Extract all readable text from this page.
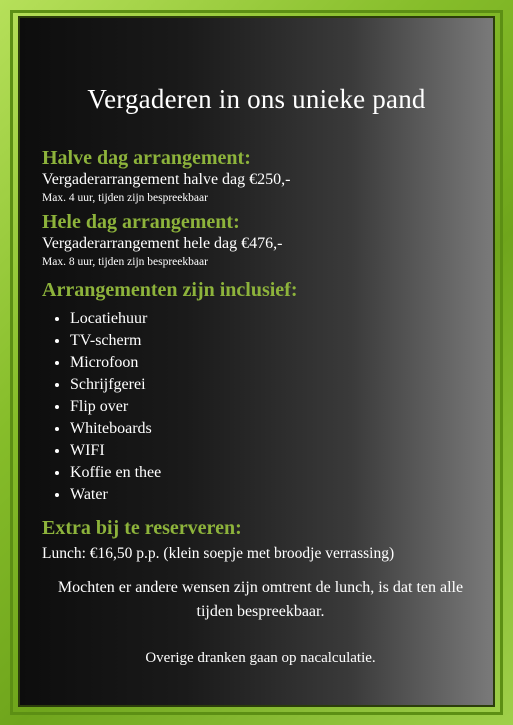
Vergaderen in ons unieke pand
Halve dag arrangement:
Vergaderarrangement halve dag €250,-
Max. 4 uur, tijden zijn bespreekbaar
Hele dag arrangement:
Vergaderarrangement hele dag €476,-
Max. 8 uur, tijden zijn bespreekbaar
Arrangementen zijn inclusief:
• Locatiehuur
• TV-scherm
• Microfoon
• Schrijfgerei
• Flip over
• Whiteboards
• WIFI
• Koffie en thee
• Water
Extra bij te reserveren:
Lunch: €16,50 p.p. (klein soepje met broodje verrassing)
Mochten er andere wensen zijn omtrent de lunch, is dat ten alle tijden bespreekbaar.
Overige dranken gaan op nacalculatie.
